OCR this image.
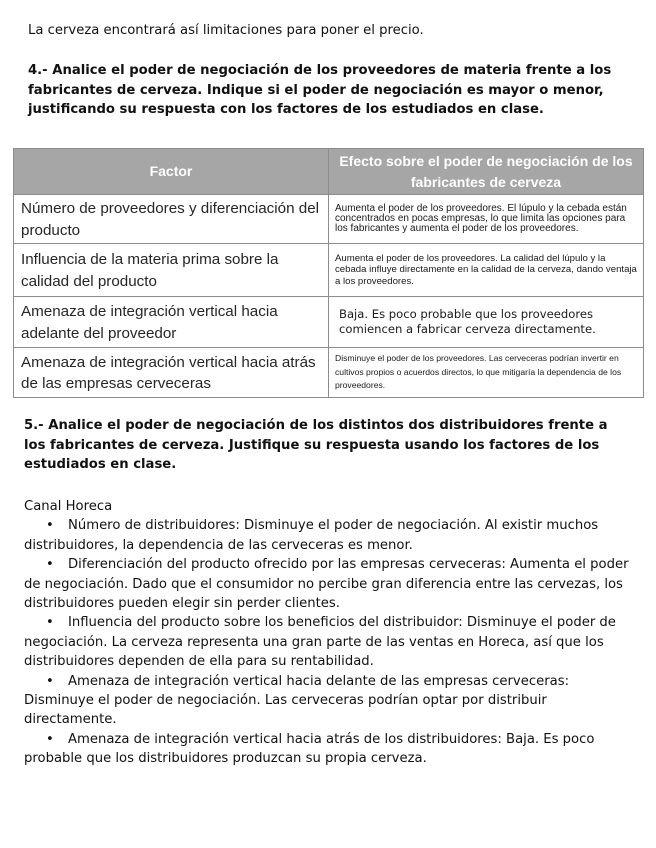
La cerveza encontrará así limitaciones para poner el precio.

4.- Analice el poder de negociación de los proveedores de materia frente a los fabricantes de cerveza. Indique si el poder de negociación es mayor o menor, justificando su respuesta con los factores de los estudiados en clase.

Factor	Efecto sobre el poder de negociación de los fabricantes de cerveza
Número de proveedores y diferenciación del producto	Aumenta el poder de los proveedores. El lúpulo y la cebada están concentrados en pocas empresas, lo que limita las opciones para los fabricantes y aumenta el poder de los proveedores.
Influencia de la materia prima sobre la calidad del producto	Aumenta el poder de los proveedores. La calidad del lúpulo y la cebada influye directamente en la calidad de la cerveza, dando ventaja a los proveedores.
Amenaza de integración vertical hacia adelante del proveedor	Baja. Es poco probable que los proveedores comiencen a fabricar cerveza directamente.
Amenaza de integración vertical hacia atrás de las empresas cerveceras	Disminuye el poder de los proveedores. Las cerveceras podrían invertir en cultivos propios o acuerdos directos, lo que mitigaría la dependencia de los proveedores.

5.- Analice el poder de negociación de los distintos dos distribuidores frente a los fabricantes de cerveza. Justifique su respuesta usando los factores de los estudiados en clase.

Canal Horeca

• Número de distribuidores: Disminuye el poder de negociación. Al existir muchos distribuidores, la dependencia de las cerveceras es menor.
• Diferenciación del producto ofrecido por las empresas cerveceras: Aumenta el poder de negociación. Dado que el consumidor no percibe gran diferencia entre las cervezas, los distribuidores pueden elegir sin perder clientes.
• Influencia del producto sobre los beneficios del distribuidor: Disminuye el poder de negociación. La cerveza representa una gran parte de las ventas en Horeca, así que los distribuidores dependen de ella para su rentabilidad.
• Amenaza de integración vertical hacia delante de las empresas cerveceras: Disminuye el poder de negociación. Las cerveceras podrían optar por distribuir directamente.
• Amenaza de integración vertical hacia atrás de los distribuidores: Baja. Es poco probable que los distribuidores produzcan su propia cerveza.
